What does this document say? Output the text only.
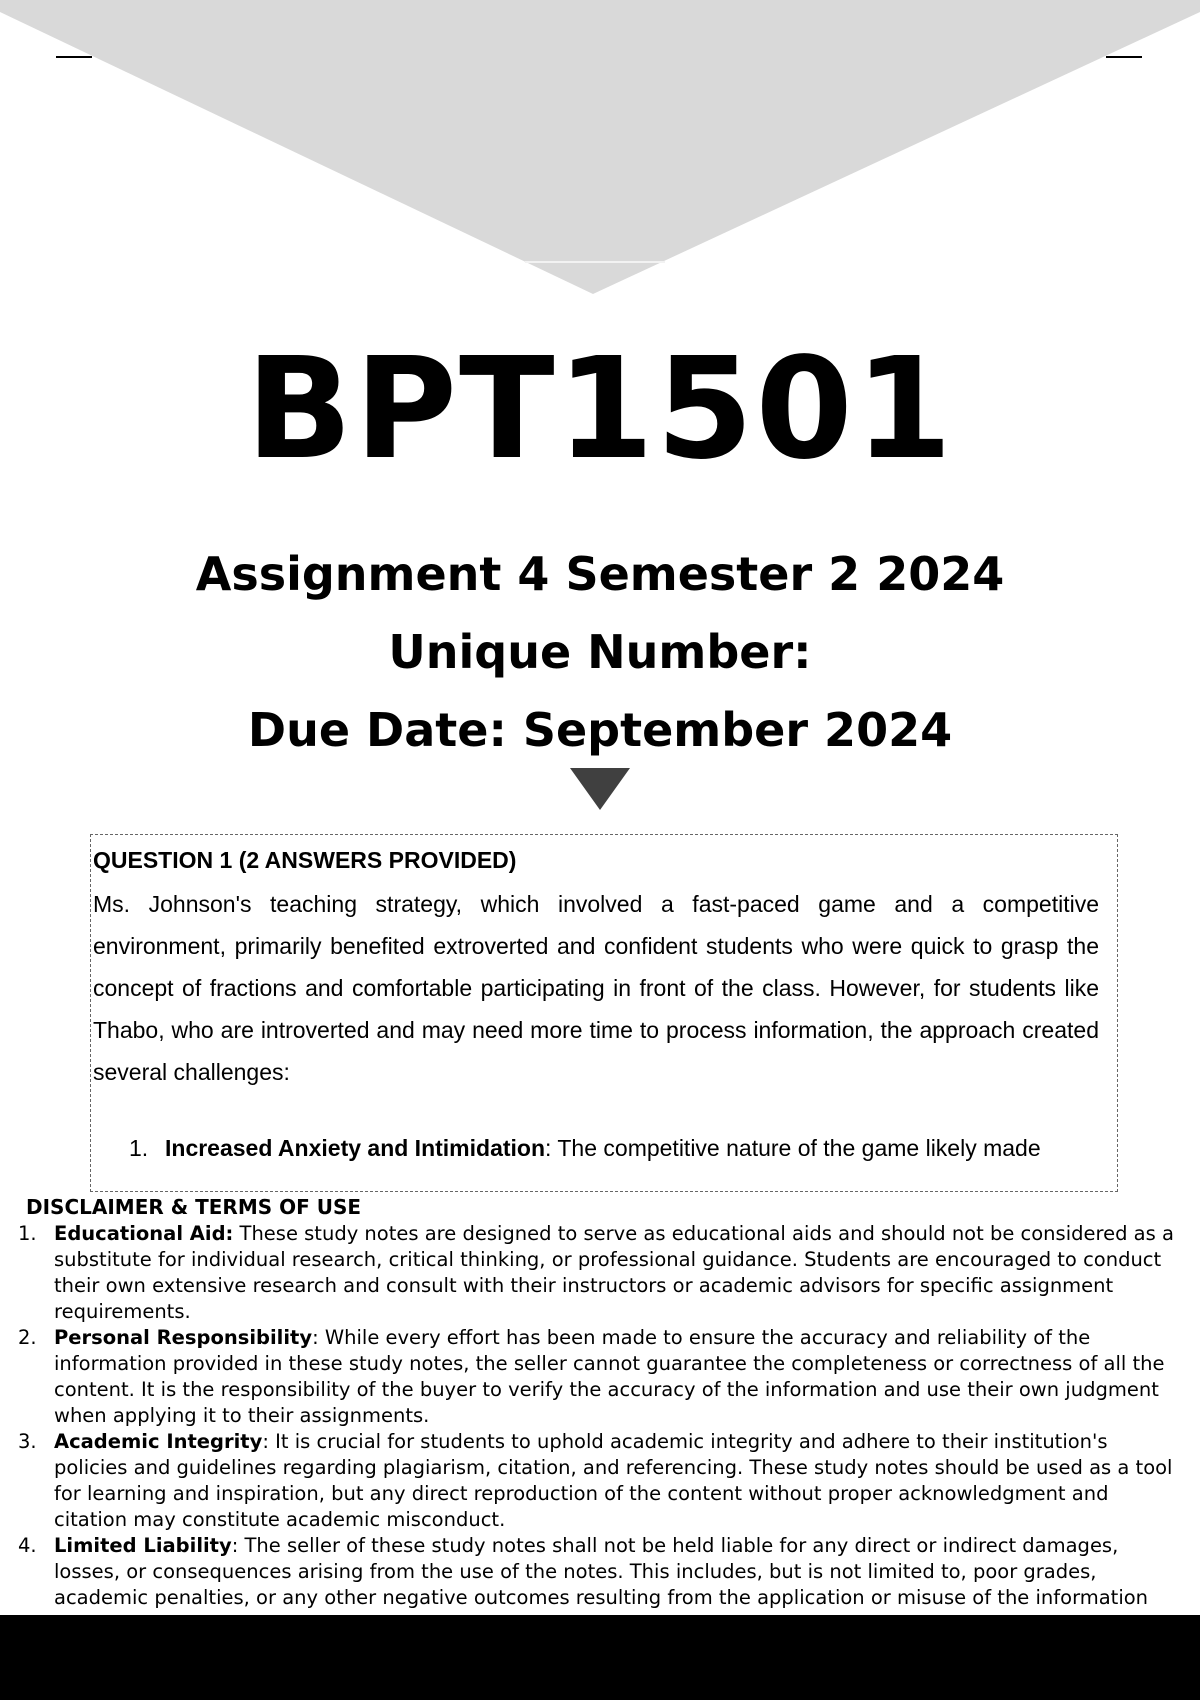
BPT1501
Assignment 4 Semester 2 2024
Unique Number:
Due Date: September 2024
QUESTION 1 (2 ANSWERS PROVIDED)
Ms. Johnson's teaching strategy, which involved a fast-paced game and a competitive environment, primarily benefited extroverted and confident students who were quick to grasp the concept of fractions and comfortable participating in front of the class. However, for students like Thabo, who are introverted and may need more time to process information, the approach created several challenges:
1. Increased Anxiety and Intimidation: The competitive nature of the game likely made
DISCLAIMER & TERMS OF USE
1. Educational Aid: These study notes are designed to serve as educational aids and should not be considered as a substitute for individual research, critical thinking, or professional guidance. Students are encouraged to conduct their own extensive research and consult with their instructors or academic advisors for specific assignment requirements.
2. Personal Responsibility: While every effort has been made to ensure the accuracy and reliability of the information provided in these study notes, the seller cannot guarantee the completeness or correctness of all the content. It is the responsibility of the buyer to verify the accuracy of the information and use their own judgment when applying it to their assignments.
3. Academic Integrity: It is crucial for students to uphold academic integrity and adhere to their institution's policies and guidelines regarding plagiarism, citation, and referencing. These study notes should be used as a tool for learning and inspiration, but any direct reproduction of the content without proper acknowledgment and citation may constitute academic misconduct.
4. Limited Liability: The seller of these study notes shall not be held liable for any direct or indirect damages, losses, or consequences arising from the use of the notes. This includes, but is not limited to, poor grades, academic penalties, or any other negative outcomes resulting from the application or misuse of the information
